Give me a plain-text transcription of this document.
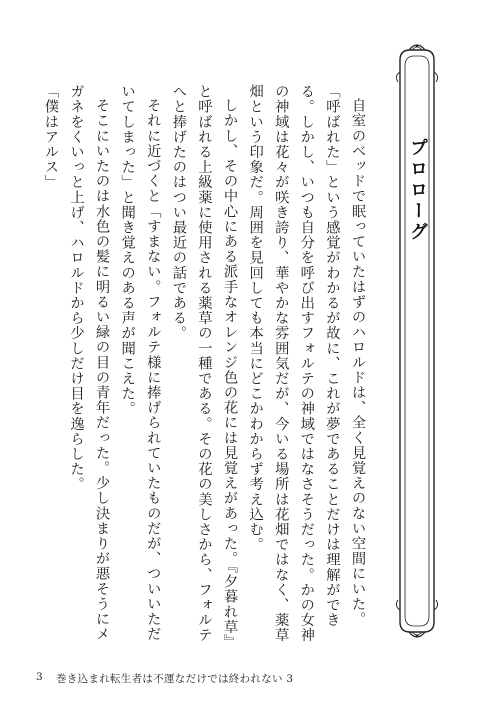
プロローグ

自室のベッドで眠っていたはずのハロルドは、全く見覚えのない空間にいた。

「呼ばれた」という感覚がわかるが故に、これが夢であることだけは理解ができる。しかし、いつも自分を呼び出すフォルテの神域ではなさそうだった。かの女神の神域は花々が咲き誇り、華やかな雰囲気だが、今いる場所は花畑ではなく、薬草畑という印象だ。周囲を見回しても本当にどこかわからず考え込む。

しかし、その中心にある派手なオレンジ色の花には見覚えがあった。『夕暮れ草』と呼ばれる上級薬に使用される薬草の一種である。その花の美しさから、フォルテへと捧げたのはつい最近の話である。

それに近づくと「すまない。フォルテ様に捧げられていたものだが、ついいただいてしまった」と聞き覚えのある声が聞こえた。

そこにいたのは水色の髪に明るい緑の目の青年だった。少し決まりが悪そうにメガネをくいっと上げ、ハロルドから少しだけ目を逸らした。

「僕はアルス」

3 巻き込まれ転生者は不運なだけでは終われない 3
